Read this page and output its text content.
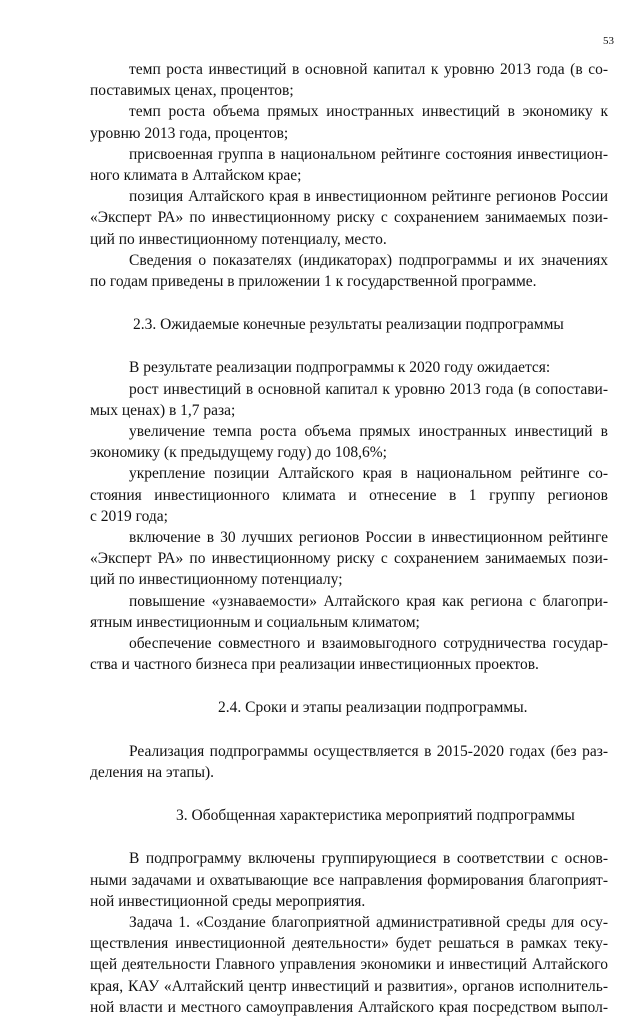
53

темп роста инвестиций в основной капитал к уровню 2013 года (в со-
поставимых ценах, процентов;

темп роста объема прямых иностранных инвестиций в экономику к
уровню 2013 года, процентов;

присвоенная группа в национальном рейтинге состояния инвестицион-
ного климата в Алтайском крае;

позиция Алтайского края в инвестиционном рейтинге регионов России
«Эксперт РА» по инвестиционному риску с сохранением занимаемых пози-
ций по инвестиционному потенциалу, место.

Сведения о показателях (индикаторах) подпрограммы и их значениях
по годам приведены в приложении 1 к государственной программе.

2.3. Ожидаемые конечные результаты реализации подпрограммы

В результате реализации подпрограммы к 2020 году ожидается:

рост инвестиций в основной капитал к уровню 2013 года (в сопостави-
мых ценах) в 1,7 раза;

увеличение темпа роста объема прямых иностранных инвестиций в
экономику (к предыдущему году) до 108,6%;

укрепление позиции Алтайского края в национальном рейтинге со-
стояния инвестиционного климата и отнесение в 1 группу регионов
с 2019 года;

включение в 30 лучших регионов России в инвестиционном рейтинге
«Эксперт РА» по инвестиционному риску с сохранением занимаемых пози-
ций по инвестиционному потенциалу;

повышение «узнаваемости» Алтайского края как региона с благопри-
ятным инвестиционным и социальным климатом;

обеспечение совместного и взаимовыгодного сотрудничества государ-
ства и частного бизнеса при реализации инвестиционных проектов.

2.4. Сроки и этапы реализации подпрограммы.

Реализация подпрограммы осуществляется в 2015-2020 годах (без раз-
деления на этапы).

3. Обобщенная характеристика мероприятий подпрограммы

В подпрограмму включены группирующиеся в соответствии с основ-
ными задачами и охватывающие все направления формирования благоприят-
ной инвестиционной среды мероприятия.

Задача 1. «Создание благоприятной административной среды для осу-
ществления инвестиционной деятельности» будет решаться в рамках теку-
щей деятельности Главного управления экономики и инвестиций Алтайского
края, КАУ «Алтайский центр инвестиций и развития», органов исполнитель-
ной власти и местного самоуправления Алтайского края посредством выпол-
